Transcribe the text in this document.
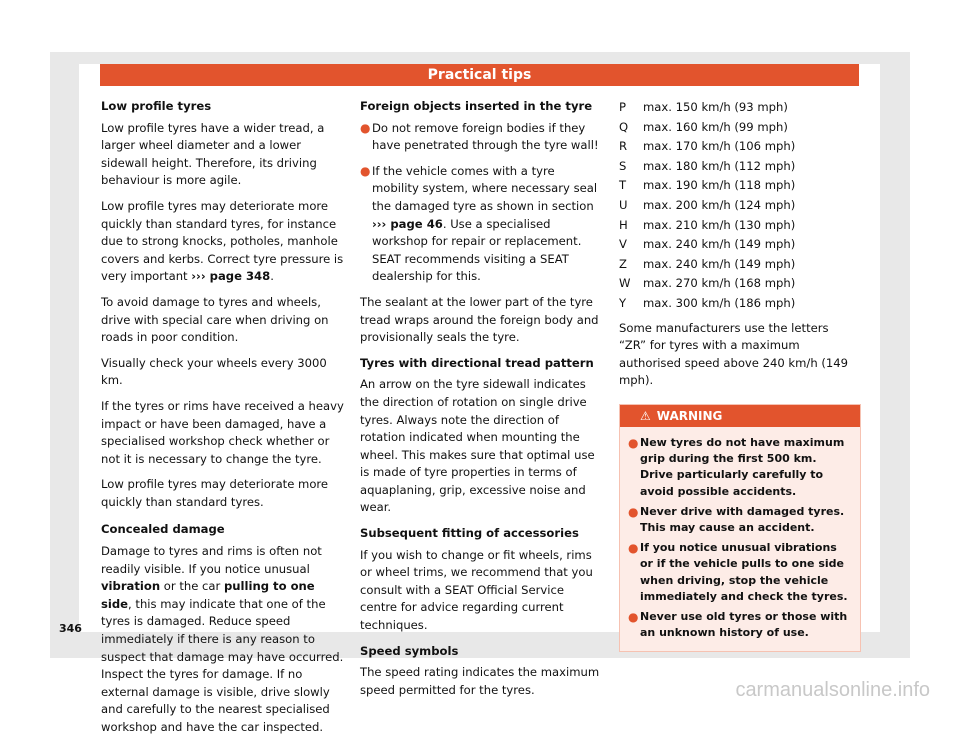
Practical tips
Low profile tyres

Low profile tyres have a wider tread, a larger wheel diameter and a lower sidewall height. Therefore, its driving behaviour is more agile.

Low profile tyres may deteriorate more quickly than standard tyres, for instance due to strong knocks, potholes, manhole covers and kerbs. Correct tyre pressure is very important ››› page 348.

To avoid damage to tyres and wheels, drive with special care when driving on roads in poor condition.

Visually check your wheels every 3000 km.

If the tyres or rims have received a heavy impact or have been damaged, have a specialised workshop check whether or not it is necessary to change the tyre.

Low profile tyres may deteriorate more quickly than standard tyres.

Concealed damage

Damage to tyres and rims is often not readily visible. If you notice unusual vibration or the car pulling to one side, this may indicate that one of the tyres is damaged. Reduce speed immediately if there is any reason to suspect that damage may have occurred. Inspect the tyres for damage. If no external damage is visible, drive slowly and carefully to the nearest specialised workshop and have the car inspected.

Foreign objects inserted in the tyre
● Do not remove foreign bodies if they have penetrated through the tyre wall!
● If the vehicle comes with a tyre mobility system, where necessary seal the damaged tyre as shown in section ››› page 46. Use a specialised workshop for repair or replacement. SEAT recommends visiting a SEAT dealership for this.

The sealant at the lower part of the tyre tread wraps around the foreign body and provisionally seals the tyre.

Tyres with directional tread pattern

An arrow on the tyre sidewall indicates the direction of rotation on single drive tyres. Always note the direction of rotation indicated when mounting the wheel. This makes sure that optimal use is made of tyre properties in terms of aquaplaning, grip, excessive noise and wear.

Subsequent fitting of accessories

If you wish to change or fit wheels, rims or wheel trims, we recommend that you consult with a SEAT Official Service centre for advice regarding current techniques.

Speed symbols

The speed rating indicates the maximum speed permitted for the tyres.

P	max. 150 km/h (93 mph)
Q	max. 160 km/h (99 mph)
R	max. 170 km/h (106 mph)
S	max. 180 km/h (112 mph)
T	max. 190 km/h (118 mph)
U	max. 200 km/h (124 mph)
H	max. 210 km/h (130 mph)
V	max. 240 km/h (149 mph)
Z	max. 240 km/h (149 mph)
W	max. 270 km/h (168 mph)
Y	max. 300 km/h (186 mph)

Some manufacturers use the letters “ZR” for tyres with a maximum authorised speed above 240 km/h (149 mph).

⚠ WARNING
● New tyres do not have maximum grip during the first 500 km. Drive particularly carefully to avoid possible accidents.
● Never drive with damaged tyres. This may cause an accident.
● If you notice unusual vibrations or if the vehicle pulls to one side when driving, stop the vehicle immediately and check the tyres.
● Never use old tyres or those with an unknown history of use.
346
carmanualsonline.info
